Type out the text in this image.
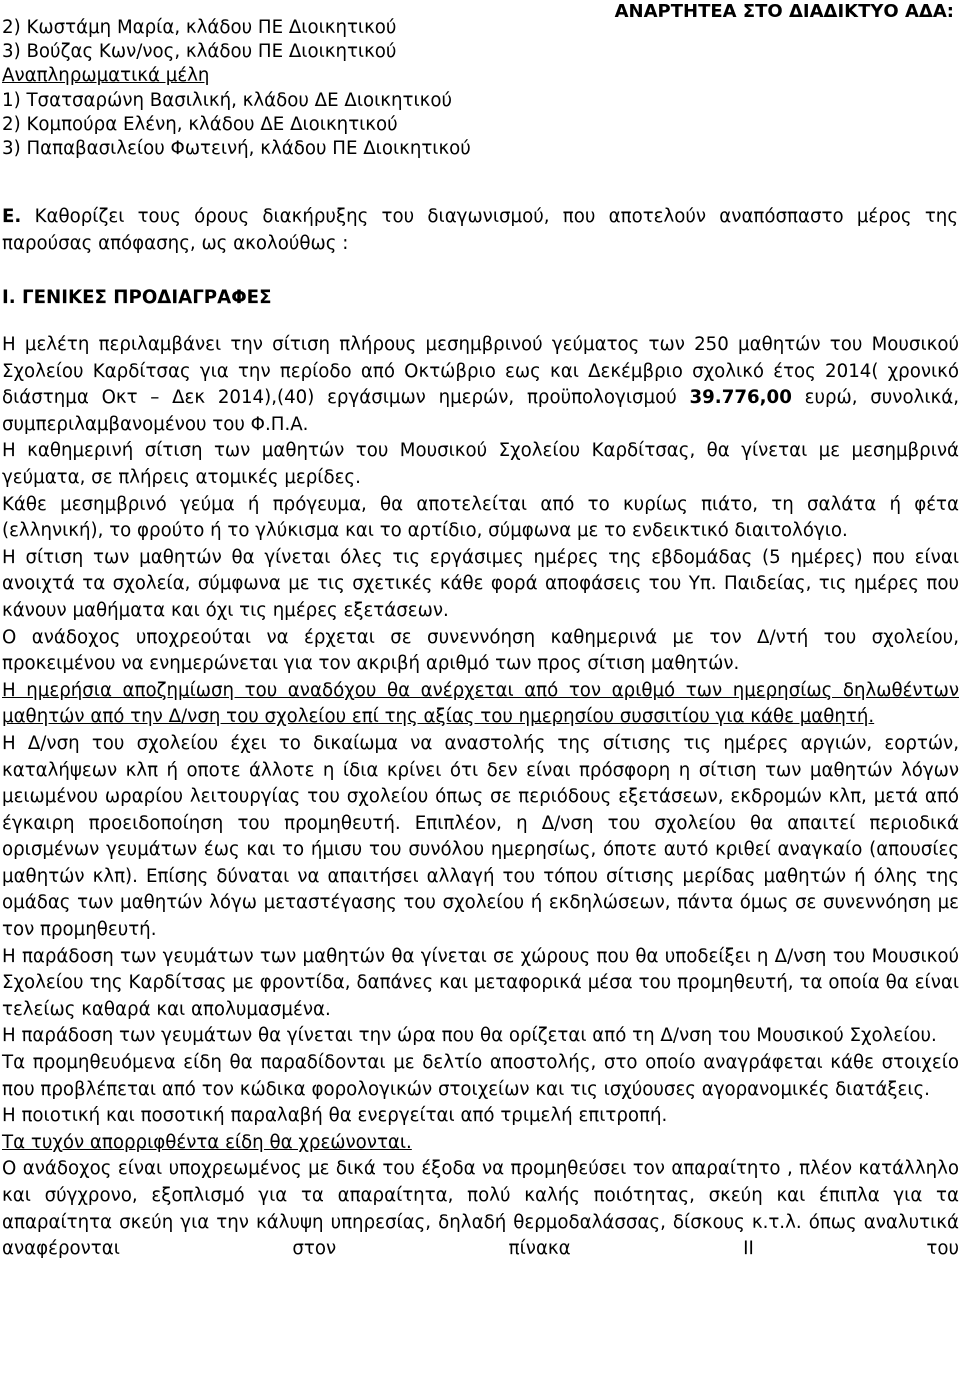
ΑΝΑΡΤΗΤΕΑ ΣΤΟ ΔΙΑΔΙΚΤΥΟ ΑΔΑ:
2) Κωστάμη Μαρία, κλάδου ΠΕ Διοικητικού
3) Βούζας Κων/νος, κλάδου ΠΕ Διοικητικού
Αναπληρωματικά μέλη
1) Τσατσαρώνη Βασιλική, κλάδου ΔΕ Διοικητικού
2) Κομπούρα Ελένη, κλάδου ΔΕ Διοικητικού
3) Παπαβασιλείου Φωτεινή, κλάδου ΠΕ Διοικητικού
Ε. Καθορίζει τους όρους διακήρυξης του διαγωνισμού, που αποτελούν αναπόσπαστο μέρος της παρούσας απόφασης, ως ακολούθως :
Ι. ΓΕΝΙΚΕΣ ΠΡΟΔΙΑΓΡΑΦΕΣ

Η μελέτη περιλαμβάνει την σίτιση πλήρους μεσημβρινού γεύματος των 250 μαθητών του Μουσικού Σχολείου Καρδίτσας για την περίοδο από Οκτώβριο εως και Δεκέμβριο σχολικό έτος 2014( χρονικό διάστημα Οκτ – Δεκ 2014),(40) εργάσιμων ημερών, προϋπολογισμού 39.776,00 ευρώ, συνολικά, συμπεριλαμβανομένου του Φ.Π.Α.

Η καθημερινή σίτιση των μαθητών του Μουσικού Σχολείου Καρδίτσας, θα γίνεται με μεσημβρινά γεύματα, σε πλήρεις ατομικές μερίδες.

Κάθε μεσημβρινό γεύμα ή πρόγευμα, θα αποτελείται από το κυρίως πιάτο, τη σαλάτα ή φέτα (ελληνική), το φρούτο ή το γλύκισμα και το αρτίδιο, σύμφωνα με το ενδεικτικό διαιτολόγιο.

Η σίτιση των μαθητών θα γίνεται όλες τις εργάσιμες ημέρες της εβδομάδας (5 ημέρες) που είναι ανοιχτά τα σχολεία, σύμφωνα με τις σχετικές κάθε φορά αποφάσεις του Υπ. Παιδείας, τις ημέρες που κάνουν μαθήματα και όχι τις ημέρες εξετάσεων.

Ο ανάδοχος υποχρεούται να έρχεται σε συνεννόηση καθημερινά με τον Δ/ντή του σχολείου, προκειμένου να ενημερώνεται για τον ακριβή αριθμό των προς σίτιση μαθητών.

Η ημερήσια αποζημίωση του αναδόχου θα ανέρχεται από τον αριθμό των ημερησίως δηλωθέντων μαθητών από την Δ/νση του σχολείου επί της αξίας του ημερησίου συσσιτίου για κάθε μαθητή.

Η Δ/νση του σχολείου έχει το δικαίωμα να αναστολής της σίτισης τις ημέρες αργιών, εορτών, καταλήψεων κλπ ή οποτε άλλοτε η ίδια κρίνει ότι δεν είναι πρόσφορη η σίτιση των μαθητών λόγων μειωμένου ωραρίου λειτουργίας του σχολείου όπως σε περιόδους εξετάσεων, εκδρομών κλπ, μετά από έγκαιρη προειδοποίηση του προμηθευτή. Επιπλέον, η Δ/νση του σχολείου θα απαιτεί περιοδικά ορισμένων γευμάτων έως και το ήμισυ του συνόλου ημερησίως, όποτε αυτό κριθεί αναγκαίο (απουσίες μαθητών κλπ). Επίσης δύναται να απαιτήσει αλλαγή του τόπου σίτισης μερίδας μαθητών ή όλης της ομάδας των μαθητών λόγω μεταστέγασης του σχολείου ή εκδηλώσεων, πάντα όμως σε συνεννόηση με τον προμηθευτή.

Η παράδοση των γευμάτων των μαθητών θα γίνεται σε χώρους που θα υποδείξει η Δ/νση του Μουσικού Σχολείου της Καρδίτσας με φροντίδα, δαπάνες και μεταφορικά μέσα του προμηθευτή, τα οποία θα είναι τελείως καθαρά και απολυμασμένα.

Η παράδοση των γευμάτων θα γίνεται την ώρα που θα ορίζεται από τη Δ/νση του Μουσικού Σχολείου.

Τα προμηθευόμενα είδη θα παραδίδονται με δελτίο αποστολής, στο οποίο αναγράφεται κάθε στοιχείο που προβλέπεται από τον κώδικα φορολογικών στοιχείων και τις ισχύουσες αγορανομικές διατάξεις.

Η ποιοτική και ποσοτική παραλαβή θα ενεργείται από τριμελή επιτροπή.

Τα τυχόν απορριφθέντα είδη θα χρεώνονται.

Ο ανάδοχος είναι υποχρεωμένος με δικά του έξοδα να προμηθεύσει τον απαραίτητο , πλέον κατάλληλο και σύγχρονο, εξοπλισμό για τα απαραίτητα, πολύ καλής ποιότητας, σκεύη και έπιπλα για τα απαραίτητα σκεύη για την κάλυψη υπηρεσίας, δηλαδή θερμοδαλάσσας, δίσκους κ.τ.λ. όπως αναλυτικά αναφέρονται στον πίνακα ΙΙ του
